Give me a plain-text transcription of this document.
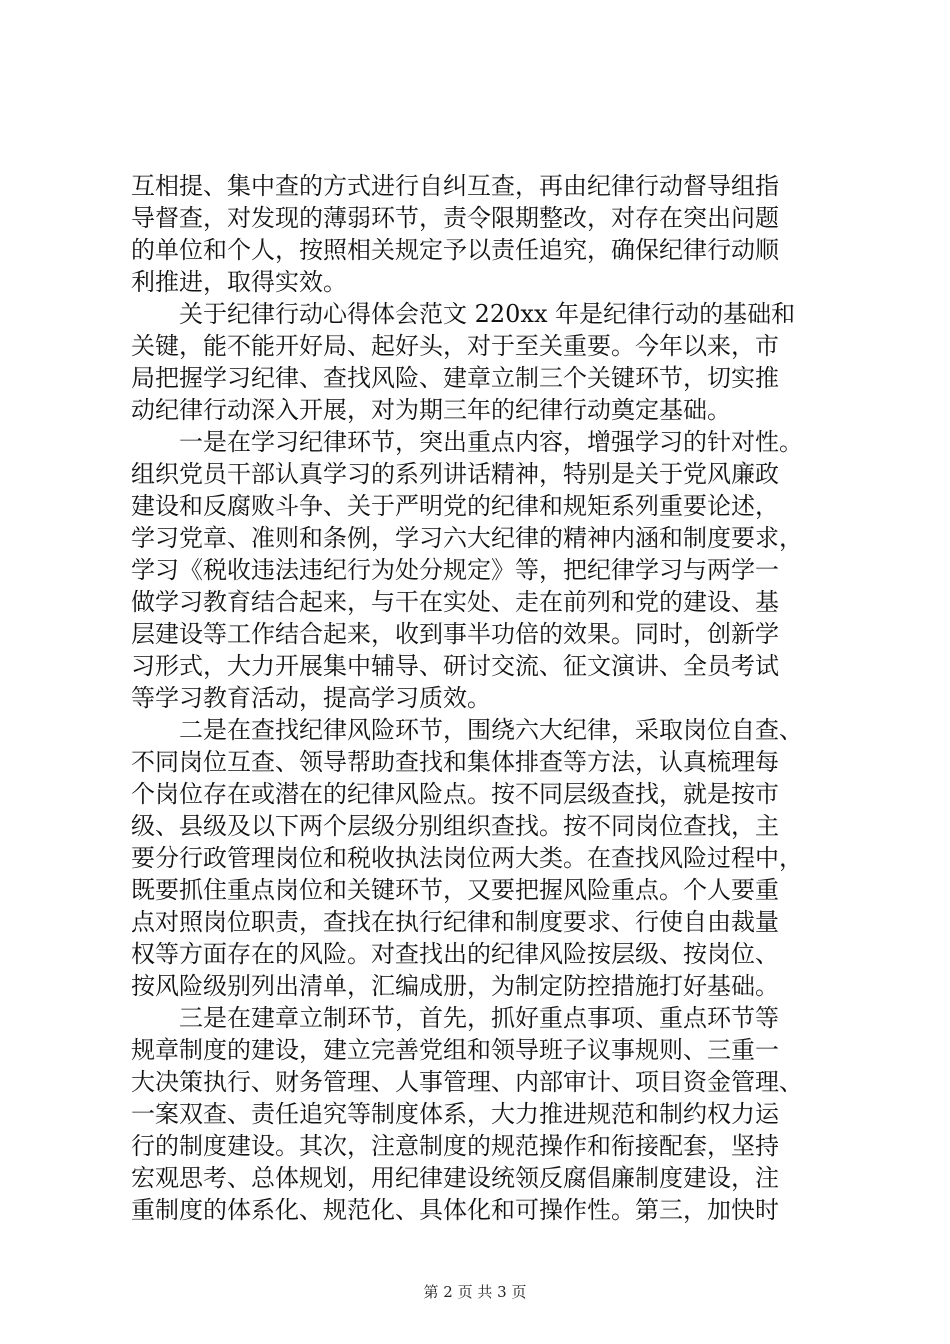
互相提、集中查的方式进行自纠互查，再由纪律行动督导组指
导督查，对发现的薄弱环节，责令限期整改，对存在突出问题
的单位和个人，按照相关规定予以责任追究，确保纪律行动顺
利推进，取得实效。
　　关于纪律行动心得体会范文 220xx 年是纪律行动的基础和
关键，能不能开好局、起好头，对于至关重要。今年以来，市
局把握学习纪律、查找风险、建章立制三个关键环节，切实推
动纪律行动深入开展，对为期三年的纪律行动奠定基础。
　　一是在学习纪律环节，突出重点内容，增强学习的针对性。
组织党员干部认真学习的系列讲话精神，特别是关于党风廉政
建设和反腐败斗争、关于严明党的纪律和规矩系列重要论述，
学习党章、准则和条例，学习六大纪律的精神内涵和制度要求，
学习《税收违法违纪行为处分规定》等，把纪律学习与两学一
做学习教育结合起来，与干在实处、走在前列和党的建设、基
层建设等工作结合起来，收到事半功倍的效果。同时，创新学
习形式，大力开展集中辅导、研讨交流、征文演讲、全员考试
等学习教育活动，提高学习质效。
　　二是在查找纪律风险环节，围绕六大纪律，采取岗位自查、
不同岗位互查、领导帮助查找和集体排查等方法，认真梳理每
个岗位存在或潜在的纪律风险点。按不同层级查找，就是按市
级、县级及以下两个层级分别组织查找。按不同岗位查找，主
要分行政管理岗位和税收执法岗位两大类。在查找风险过程中，
既要抓住重点岗位和关键环节，又要把握风险重点。个人要重
点对照岗位职责，查找在执行纪律和制度要求、行使自由裁量
权等方面存在的风险。对查找出的纪律风险按层级、按岗位、
按风险级别列出清单，汇编成册，为制定防控措施打好基础。
　　三是在建章立制环节，首先，抓好重点事项、重点环节等
规章制度的建设，建立完善党组和领导班子议事规则、三重一
大决策执行、财务管理、人事管理、内部审计、项目资金管理、
一案双查、责任追究等制度体系，大力推进规范和制约权力运
行的制度建设。其次，注意制度的规范操作和衔接配套，坚持
宏观思考、总体规划，用纪律建设统领反腐倡廉制度建设，注
重制度的体系化、规范化、具体化和可操作性。第三，加快时
第 2 页 共 3 页
